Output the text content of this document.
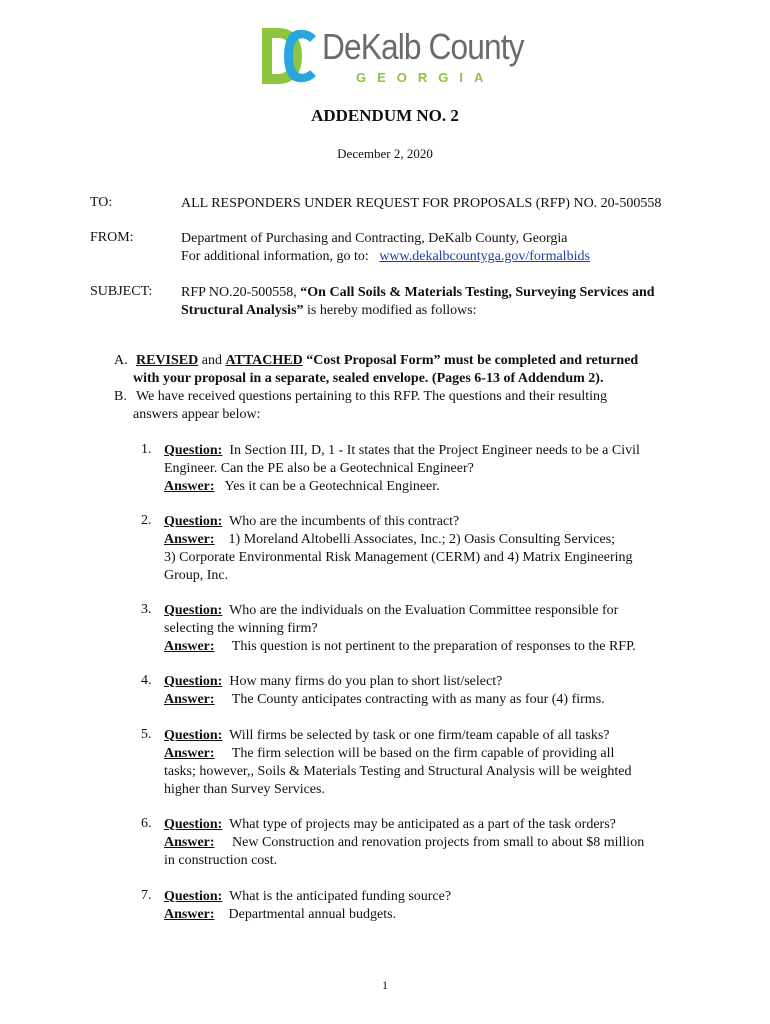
DeKalb County
GEORGIA
ADDENDUM NO. 2
December 2, 2020
TO:	ALL RESPONDERS UNDER REQUEST FOR PROPOSALS (RFP) NO. 20-500558
FROM:	Department of Purchasing and Contracting, DeKalb County, Georgia
For additional information, go to: www.dekalbcountyga.gov/formalbids
SUBJECT: RFP NO.20-500558, “On Call Soils & Materials Testing, Surveying Services and
Structural Analysis” is hereby modified as follows:
A. REVISED and ATTACHED “Cost Proposal Form” must be completed and returned
with your proposal in a separate, sealed envelope. (Pages 6-13 of Addendum 2).
B. We have received questions pertaining to this RFP. The questions and their resulting
answers appear below:
1. Question: In Section III, D, 1 - It states that the Project Engineer needs to be a Civil
Engineer. Can the PE also be a Geotechnical Engineer?
Answer: Yes it can be a Geotechnical Engineer.
2. Question: Who are the incumbents of this contract?
Answer: 1) Moreland Altobelli Associates, Inc.; 2) Oasis Consulting Services;
3) Corporate Environmental Risk Management (CERM) and 4) Matrix Engineering
Group, Inc.
3. Question: Who are the individuals on the Evaluation Committee responsible for
selecting the winning firm?
Answer: This question is not pertinent to the preparation of responses to the RFP.
4. Question: How many firms do you plan to short list/select?
Answer: The County anticipates contracting with as many as four (4) firms.
5. Question: Will firms be selected by task or one firm/team capable of all tasks?
Answer: The firm selection will be based on the firm capable of providing all
tasks; however,, Soils & Materials Testing and Structural Analysis will be weighted
higher than Survey Services.
6. Question: What type of projects may be anticipated as a part of the task orders?
Answer: New Construction and renovation projects from small to about $8 million
in construction cost.
7. Question: What is the anticipated funding source?
Answer: Departmental annual budgets.
1
